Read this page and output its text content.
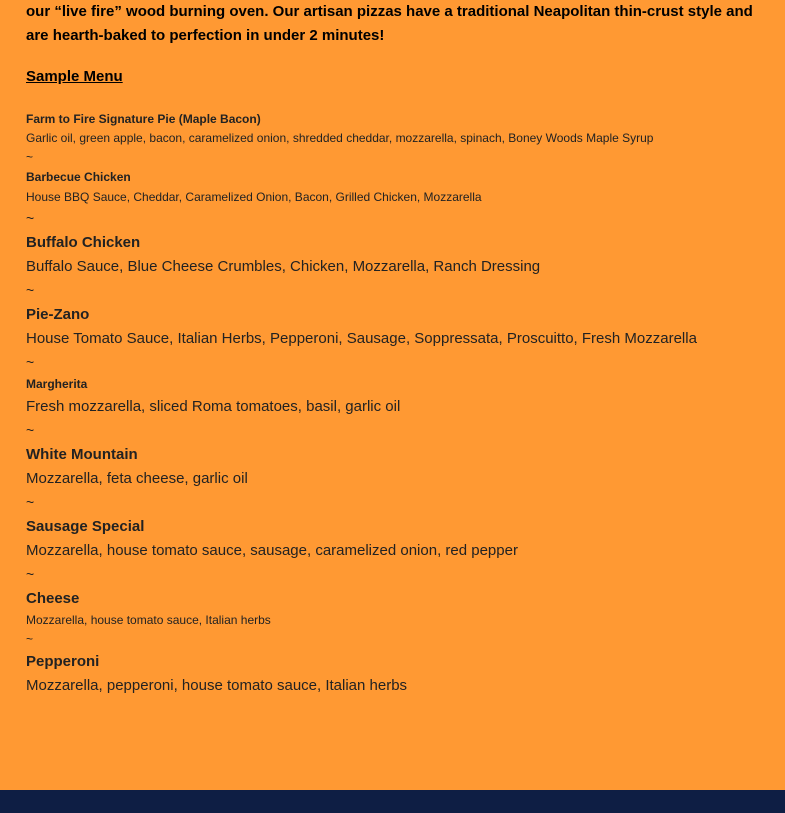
our “live fire” wood burning oven. Our artisan pizzas have a traditional Neapolitan thin-crust style and
are hearth-baked to perfection in under 2 minutes!
Sample Menu
Farm to Fire Signature Pie (Maple Bacon)
Garlic oil, green apple, bacon, caramelized onion, shredded cheddar, mozzarella, spinach, Boney Woods Maple Syrup
~
Barbecue Chicken
House BBQ Sauce, Cheddar, Caramelized Onion, Bacon, Grilled Chicken, Mozzarella
~
Buffalo Chicken
Buffalo Sauce, Blue Cheese Crumbles, Chicken, Mozzarella, Ranch Dressing
~
Pie-Zano
House Tomato Sauce, Italian Herbs, Pepperoni, Sausage, Soppressata, Proscuitto, Fresh Mozzarella
~
Margherita
Fresh mozzarella, sliced Roma tomatoes, basil, garlic oil
~
White Mountain
Mozzarella, feta cheese, garlic oil
~
Sausage Special
Mozzarella, house tomato sauce, sausage, caramelized onion, red pepper
~
Cheese
Mozzarella, house tomato sauce, Italian herbs
~
Pepperoni
Mozzarella, pepperoni, house tomato sauce, Italian herbs
